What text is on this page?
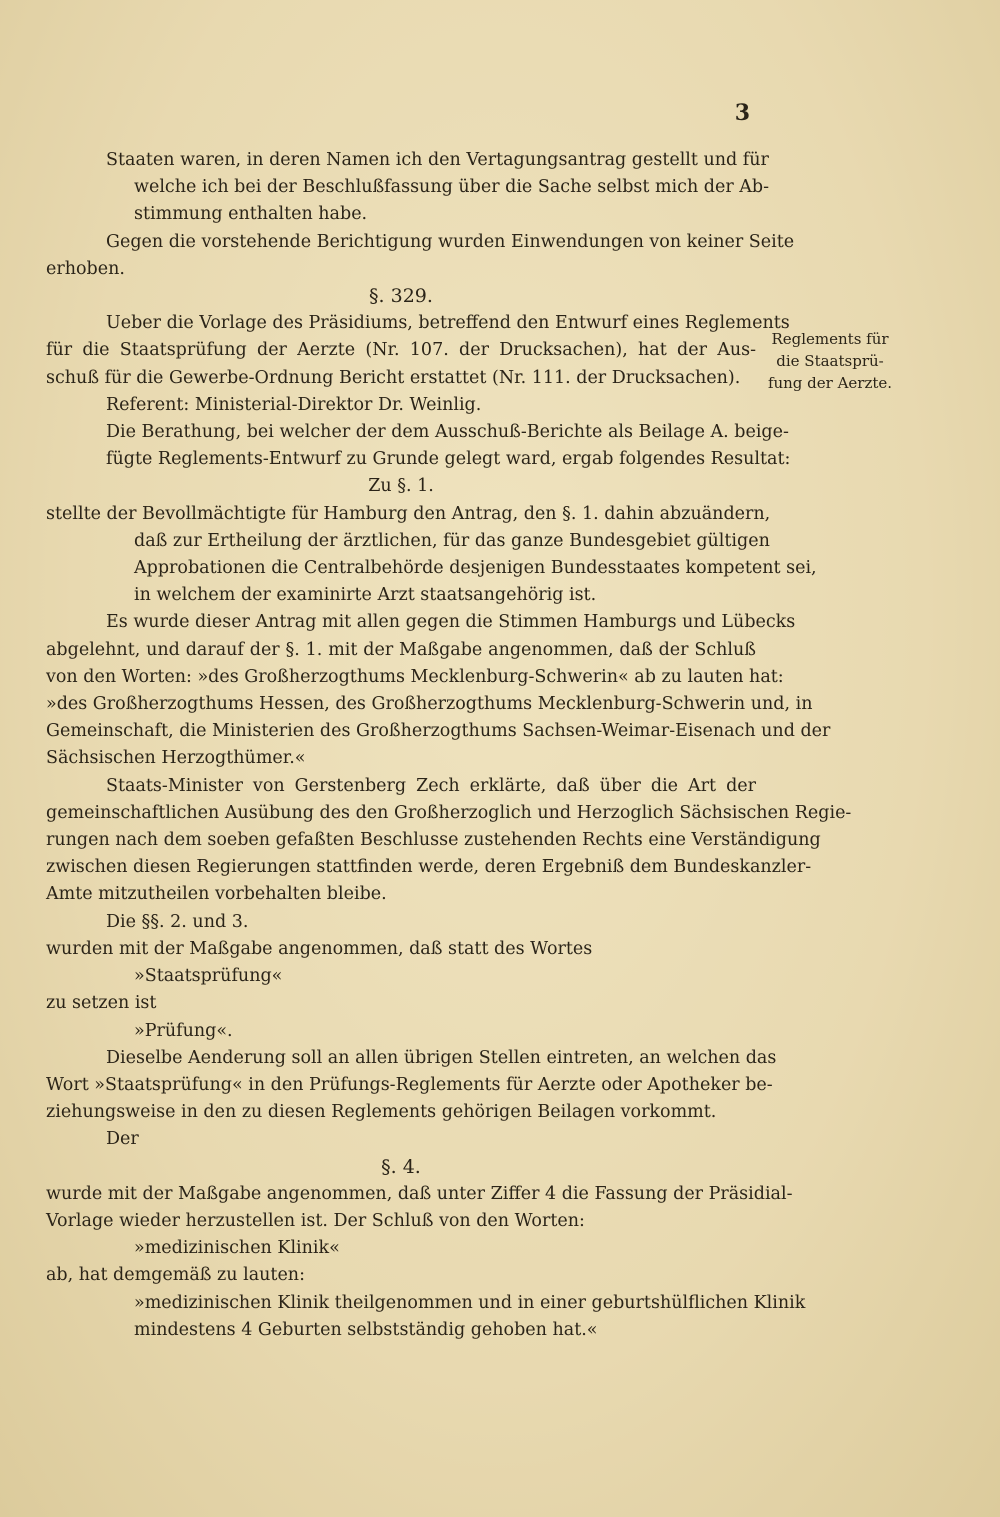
3
Reglements für
die Staatsprü-
fung der Aerzte.
Staaten waren, in deren Namen ich den Vertagungsantrag gestellt und für
welche ich bei der Beschlußfassung über die Sache selbst mich der Ab-
stimmung enthalten habe.
Gegen die vorstehende Berichtigung wurden Einwendungen von keiner Seite
erhoben.
§. 329.
Ueber die Vorlage des Präsidiums, betreffend den Entwurf eines Reglements
für die Staatsprüfung der Aerzte (Nr. 107. der Drucksachen), hat der Aus-
schuß für die Gewerbe-Ordnung Bericht erstattet (Nr. 111. der Drucksachen).
Referent: Ministerial-Direktor Dr. Weinlig.
Die Berathung, bei welcher der dem Ausschuß-Berichte als Beilage A. beige-
fügte Reglements-Entwurf zu Grunde gelegt ward, ergab folgendes Resultat:
Zu §. 1.
stellte der Bevollmächtigte für Hamburg den Antrag, den §. 1. dahin abzuändern,
daß zur Ertheilung der ärztlichen, für das ganze Bundesgebiet gültigen
Approbationen die Centralbehörde desjenigen Bundesstaates kompetent sei,
in welchem der examinirte Arzt staatsangehörig ist.
Es wurde dieser Antrag mit allen gegen die Stimmen Hamburgs und Lübecks
abgelehnt, und darauf der §. 1. mit der Maßgabe angenommen, daß der Schluß
von den Worten: »des Großherzogthums Mecklenburg-Schwerin« ab zu lauten hat:
»des Großherzogthums Hessen, des Großherzogthums Mecklenburg-Schwerin und, in
Gemeinschaft, die Ministerien des Großherzogthums Sachsen-Weimar-Eisenach und der
Sächsischen Herzogthümer.«
Staats-Minister von Gerstenberg Zech erklärte, daß über die Art der
gemeinschaftlichen Ausübung des den Großherzoglich und Herzoglich Sächsischen Regie-
rungen nach dem soeben gefaßten Beschlusse zustehenden Rechts eine Verständigung
zwischen diesen Regierungen stattfinden werde, deren Ergebniß dem Bundeskanzler-
Amte mitzutheilen vorbehalten bleibe.
Die §§. 2. und 3.
wurden mit der Maßgabe angenommen, daß statt des Wortes
»Staatsprüfung«
zu setzen ist
»Prüfung«.
Dieselbe Aenderung soll an allen übrigen Stellen eintreten, an welchen das
Wort »Staatsprüfung« in den Prüfungs-Reglements für Aerzte oder Apotheker be-
ziehungsweise in den zu diesen Reglements gehörigen Beilagen vorkommt.
Der
§. 4.
wurde mit der Maßgabe angenommen, daß unter Ziffer 4 die Fassung der Präsidial-
Vorlage wieder herzustellen ist. Der Schluß von den Worten:
»medizinischen Klinik«
ab, hat demgemäß zu lauten:
»medizinischen Klinik theilgenommen und in einer geburtshülflichen Klinik
mindestens 4 Geburten selbstständig gehoben hat.«
